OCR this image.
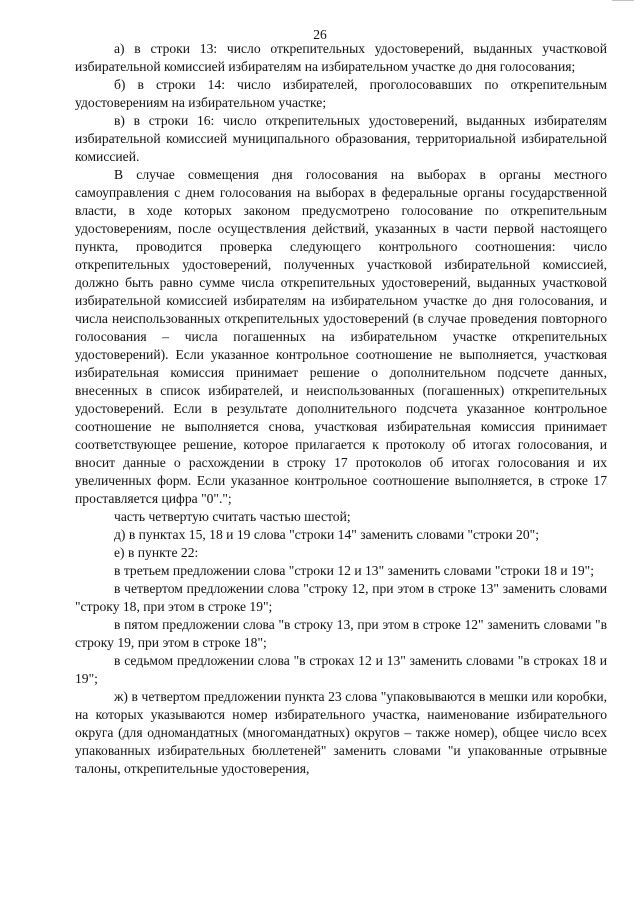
26

а) в строки 13: число открепительных удостоверений, выданных участковой избирательной комиссией избирателям на избирательном участке до дня голосования;

б) в строки 14: число избирателей, проголосовавших по открепительным удостоверениям на избирательном участке;

в) в строки 16: число открепительных удостоверений, выданных избирателям избирательной комиссией муниципального образования, территориальной избирательной комиссией.

В случае совмещения дня голосования на выборах в органы местного самоуправления с днем голосования на выборах в федеральные органы государственной власти, в ходе которых законом предусмотрено голосование по открепительным удостоверениям, после осуществления действий, указанных в части первой настоящего пункта, проводится проверка следующего контрольного соотношения: число открепительных удостоверений, полученных участковой избирательной комиссией, должно быть равно сумме числа открепительных удостоверений, выданных участковой избирательной комиссией избирателям на избирательном участке до дня голосования, и числа неиспользованных открепительных удостоверений (в случае проведения повторного голосования – числа погашенных на избирательном участке открепительных удостоверений). Если указанное контрольное соотношение не выполняется, участковая избирательная комиссия принимает решение о дополнительном подсчете данных, внесенных в список избирателей, и неиспользованных (погашенных) открепительных удостоверений. Если в результате дополнительного подсчета указанное контрольное соотношение не выполняется снова, участковая избирательная комиссия принимает соответствующее решение, которое прилагается к протоколу об итогах голосования, и вносит данные о расхождении в строку 17 протоколов об итогах голосования и их увеличенных форм. Если указанное контрольное соотношение выполняется, в строке 17 проставляется цифра "0".";

часть четвертую считать частью шестой;

д) в пунктах 15, 18 и 19 слова "строки 14" заменить словами "строки 20";

е) в пункте 22:

в третьем предложении слова "строки 12 и 13" заменить словами "строки 18 и 19";

в четвертом предложении слова "строку 12, при этом в строке 13" заменить словами "строку 18, при этом в строке 19";

в пятом предложении слова "в строку 13, при этом в строке 12" заменить словами "в строку 19, при этом в строке 18";

в седьмом предложении слова "в строках 12 и 13" заменить словами "в строках 18 и 19";

ж) в четвертом предложении пункта 23 слова "упаковываются в мешки или коробки, на которых указываются номер избирательного участка, наименование избирательного округа (для одномандатных (многомандатных) округов – также номер), общее число всех упакованных избирательных бюллетеней" заменить словами "и упакованные отрывные талоны, открепительные удостоверения,
